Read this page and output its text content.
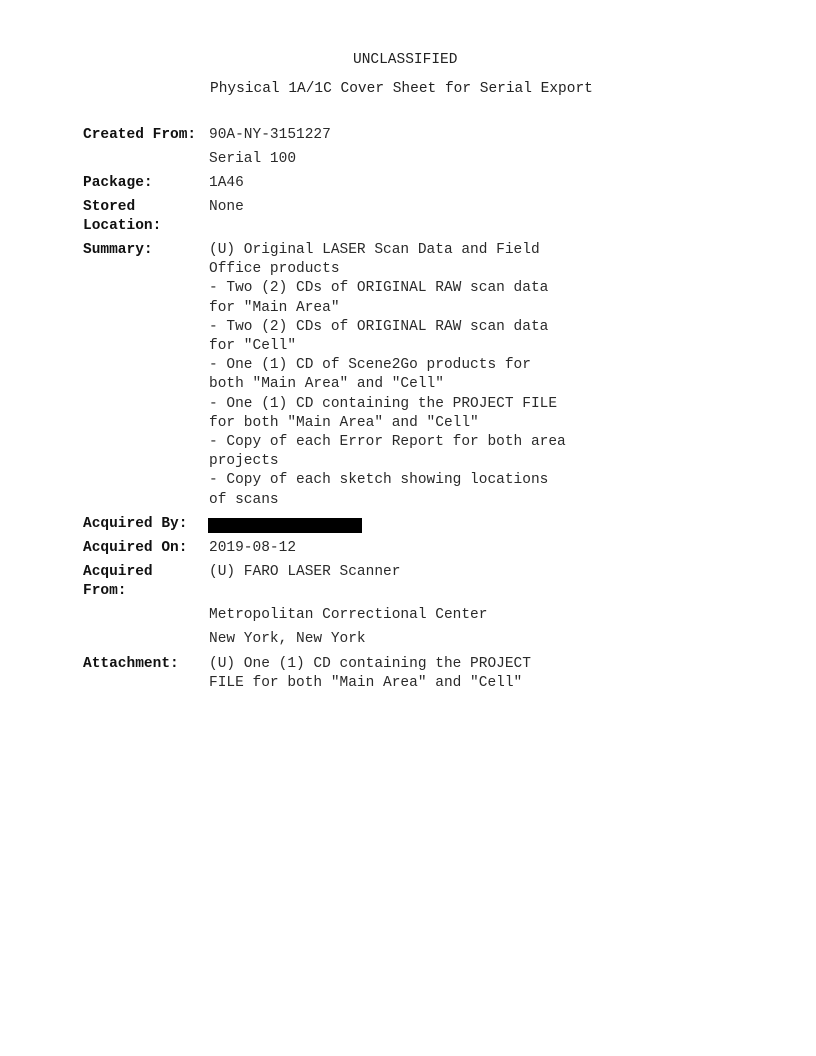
UNCLASSIFIED
Physical 1A/1C Cover Sheet for Serial Export
Created From: 90A-NY-3151227
Serial 100
Package:	1A46
Stored
Location:
None
Summary:	(U) Original LASER Scan Data and Field
Office products
- Two (2) CDs of ORIGINAL RAW scan data
for "Main Area"
- Two (2) CDs of ORIGINAL RAW scan data
for "Cell"
- One (1) CD of Scene2Go products for
both "Main Area" and "Cell"
- One (1) CD containing the PROJECT FILE
for both "Main Area" and "Cell"
- Copy of each Error Report for both area
projects
- Copy of each sketch showing locations
of scans
Acquired By:
Acquired On:	2019-08-12
Acquired
From:
(U) FARO LASER Scanner
Metropolitan Correctional Center
New York, New York
Attachment:	(U) One (1) CD containing the PROJECT
FILE for both "Main Area" and "Cell"
